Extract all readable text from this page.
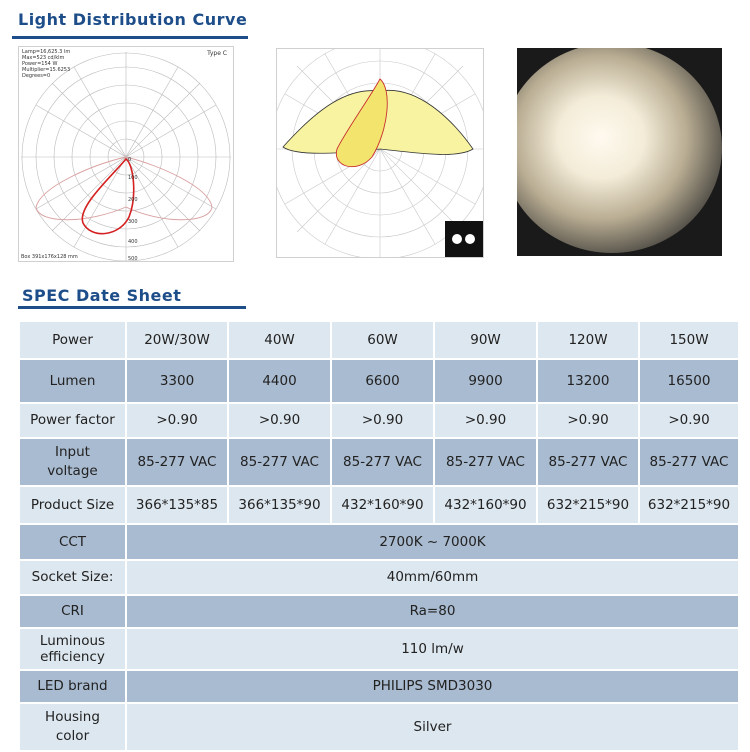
Light Distribution Curve
0
100
200
300
400
500
Lamp=16,625.3 lm
Max=523 cd/klm
Power=154 W
Multiplier=15.6253
Degrees=0
Type C
Box 391x176x128 mm
SPEC Date Sheet
Power	20W/30W	40W	60W	90W	120W	150W
Lumen	3300	4400	6600	9900	13200	16500
Power factor	>0.90	>0.90	>0.90	>0.90	>0.90	>0.90

Input
voltage	85-277 VAC	85-277 VAC	85-277 VAC	85-277 VAC	85-277 VAC	85-277 VAC
Product Size	366*135*85	366*135*90	432*160*90	432*160*90	632*215*90	632*215*90
CCT	2700K ~ 7000K					
Socket Size:	40mm/60mm					
CRI	Ra=80					

Luminous
efficiency	110 lm/w					
LED brand	PHILIPS SMD3030					

Housing
color	Silver					
